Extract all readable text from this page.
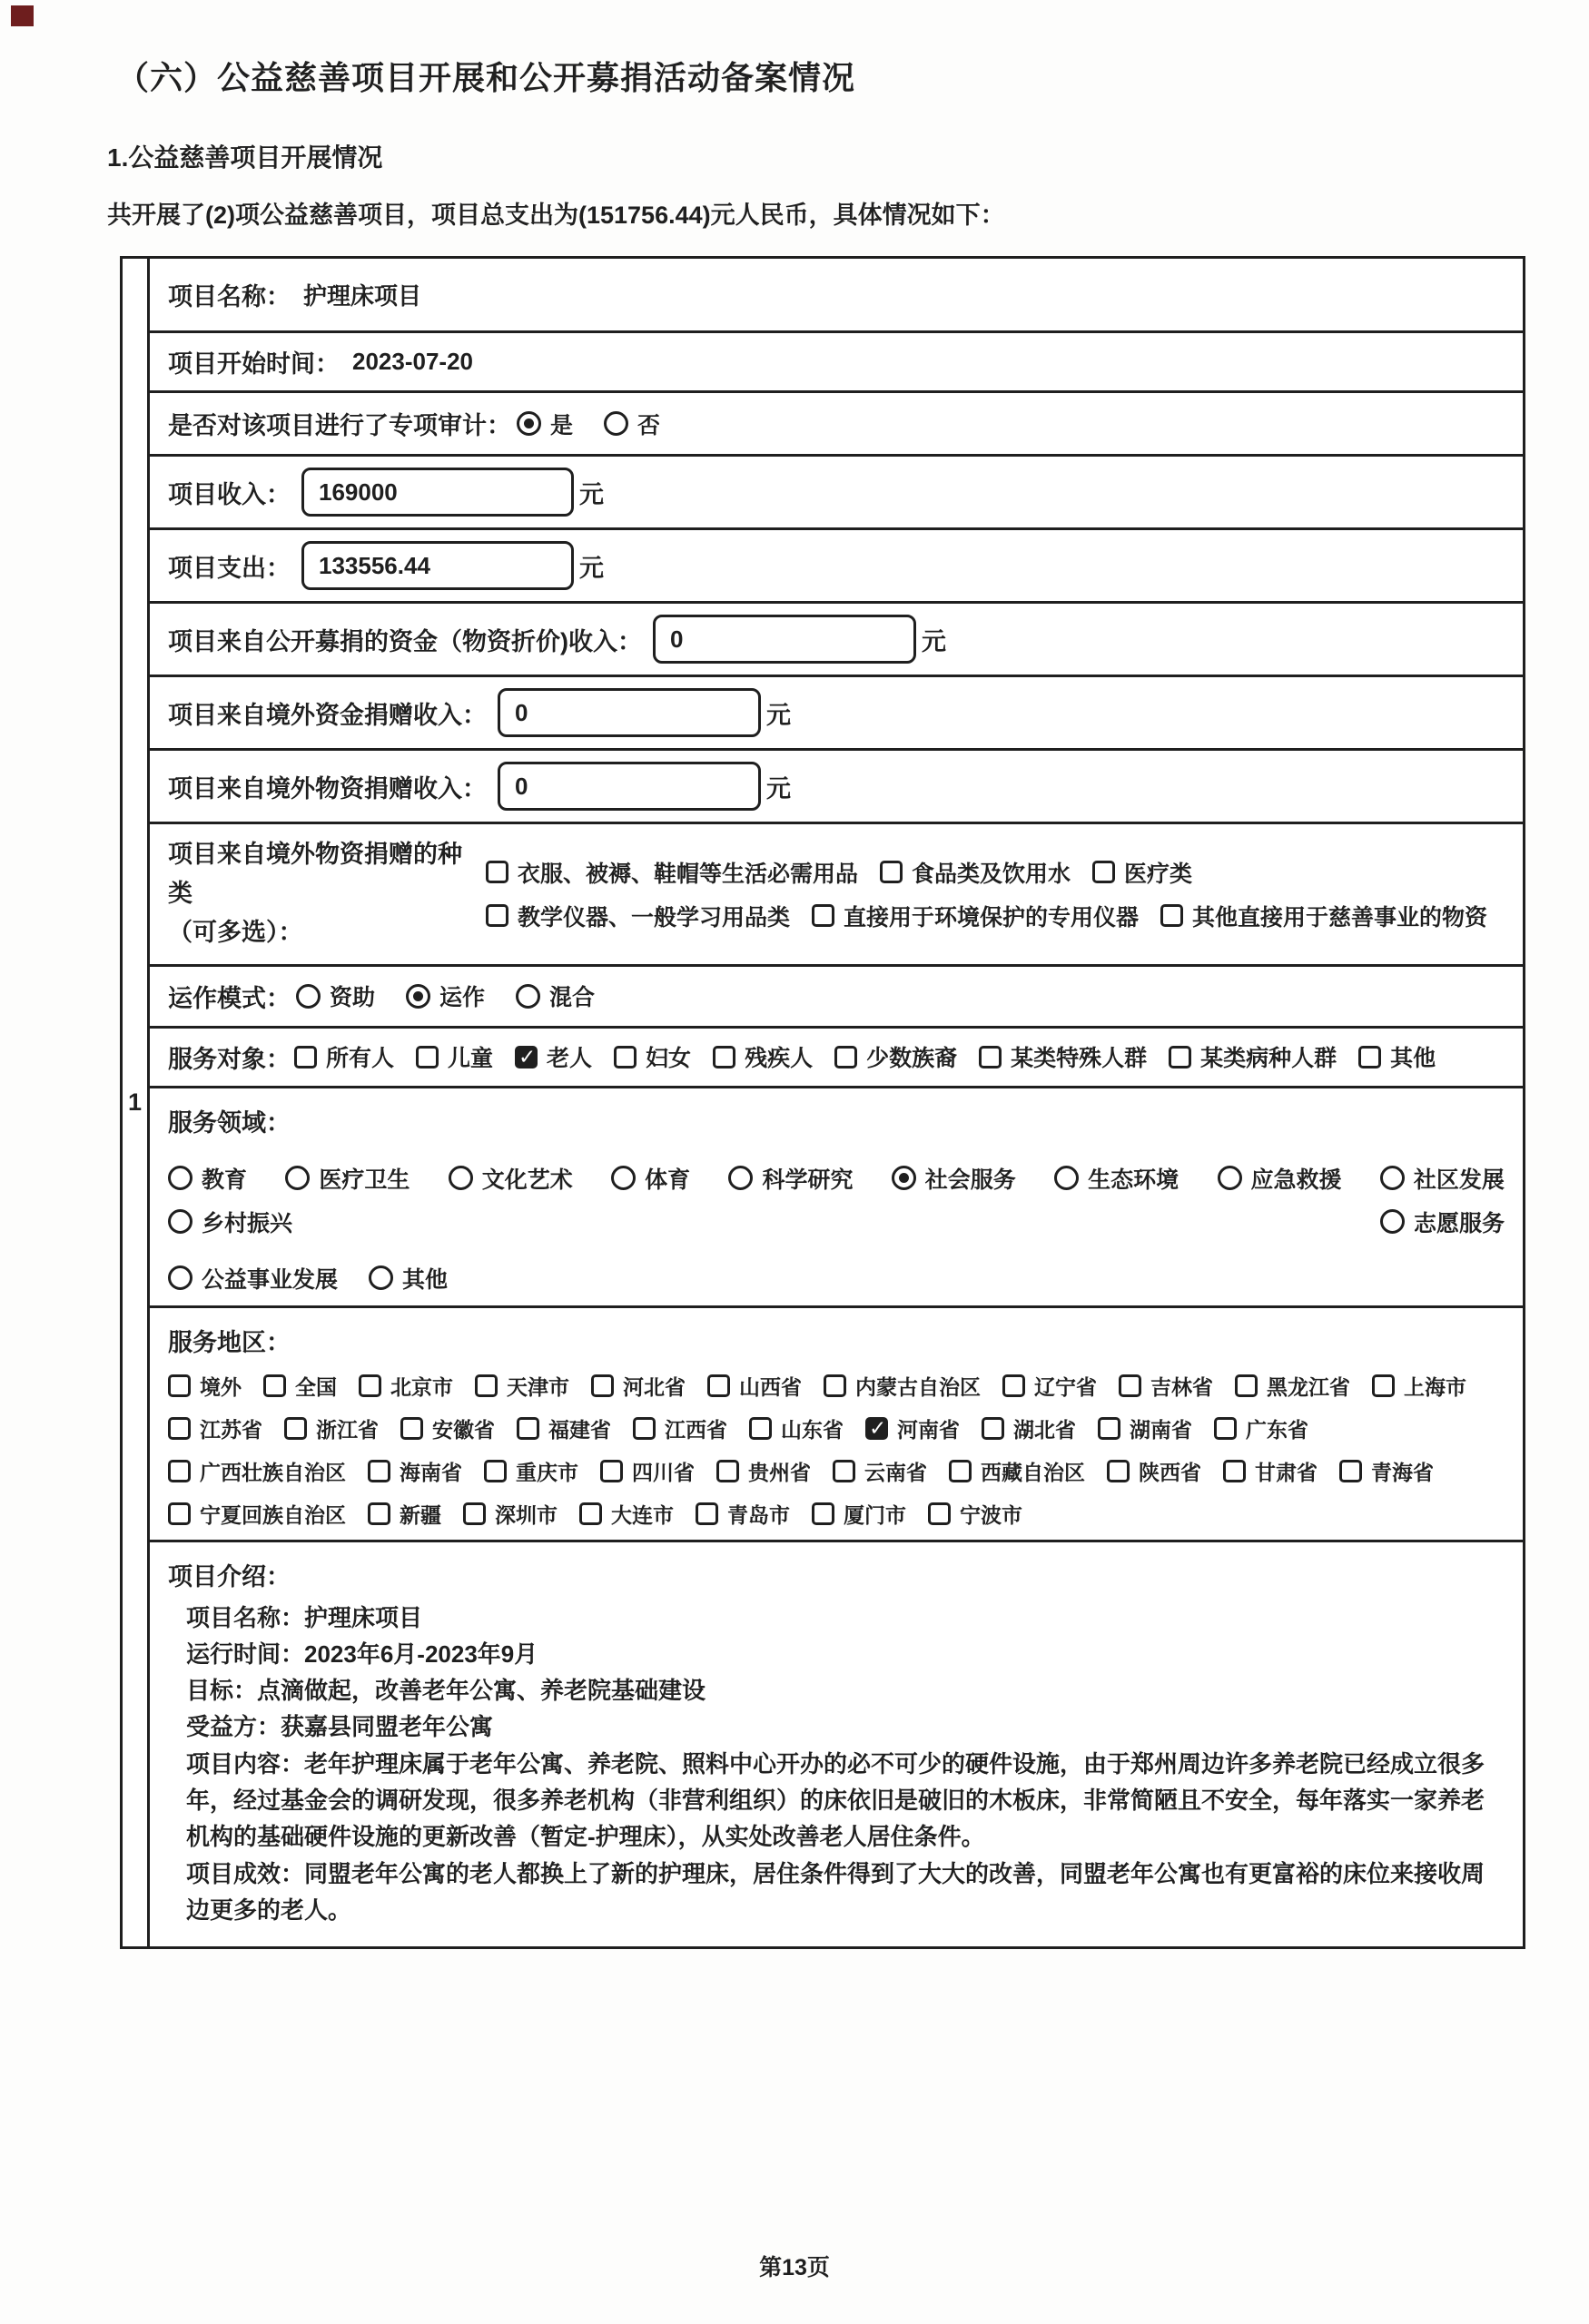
（六）公益慈善项目开展和公开募捐活动备案情况
1.公益慈善项目开展情况
共开展了(2)项公益慈善项目，项目总支出为(151756.44)元人民币，具体情况如下：
1
项目名称： 护理床项目
项目开始时间： 2023-07-20
是否对该项目进行了专项审计： 是	否
项目收入：	169000	元
项目支出：	133556.44	元
项目来自公开募捐的资金（物资折价)收入：	0	元
项目来自境外资金捐赠收入：	0	元
项目来自境外物资捐赠收入：	0	元
项目来自境外物资捐赠的种类
（可多选）：
衣服、被褥、鞋帽等生活必需用品 食品类及饮用水 医疗类
教学仪器、一般学习用品类 直接用于环境保护的专用仪器 其他直接用于慈善事业的物资
运作模式： 资助	运作	混合
服务对象： 所有人 儿童 ✓ 老人 妇女 残疾人 少数族裔 某类特殊人群 某类病种人群 其他
服务领域：
教育	医疗卫生	文化艺术	体育	科学研究	社会服务	生态环境	应急救援	社区发展
乡村振兴	志愿服务
公益事业发展	其他
服务地区：
境外	全国	北京市	天津市	河北省	山西省	内蒙古自治区	辽宁省	吉林省	黑龙江省	上海市
江苏省	浙江省	安徽省	福建省	江西省	山东省 ✓	河南省	湖北省	湖南省	广东省
广西壮族自治区	海南省	重庆市	四川省	贵州省	云南省	西藏自治区	陕西省	甘肃省	青海省
宁夏回族自治区	新疆	深圳市	大连市	青岛市	厦门市	宁波市
项目介绍：
项目名称：护理床项目
运行时间：2023年6月-2023年9月
目标：点滴做起，改善老年公寓、养老院基础建设
受益方：获嘉县同盟老年公寓
项目内容：老年护理床属于老年公寓、养老院、照料中心开办的必不可少的硬件设施，由于郑州周边许多养老院已经成立很多年，经过基金会的调研发现，很多养老机构（非营利组织）的床依旧是破旧的木板床，非常简陋且不安全，每年落实一家养老机构的基础硬件设施的更新改善（暂定-护理床），从实处改善老人居住条件。
项目成效：同盟老年公寓的老人都换上了新的护理床，居住条件得到了大大的改善，同盟老年公寓也有更富裕的床位来接收周边更多的老人。
第13页
